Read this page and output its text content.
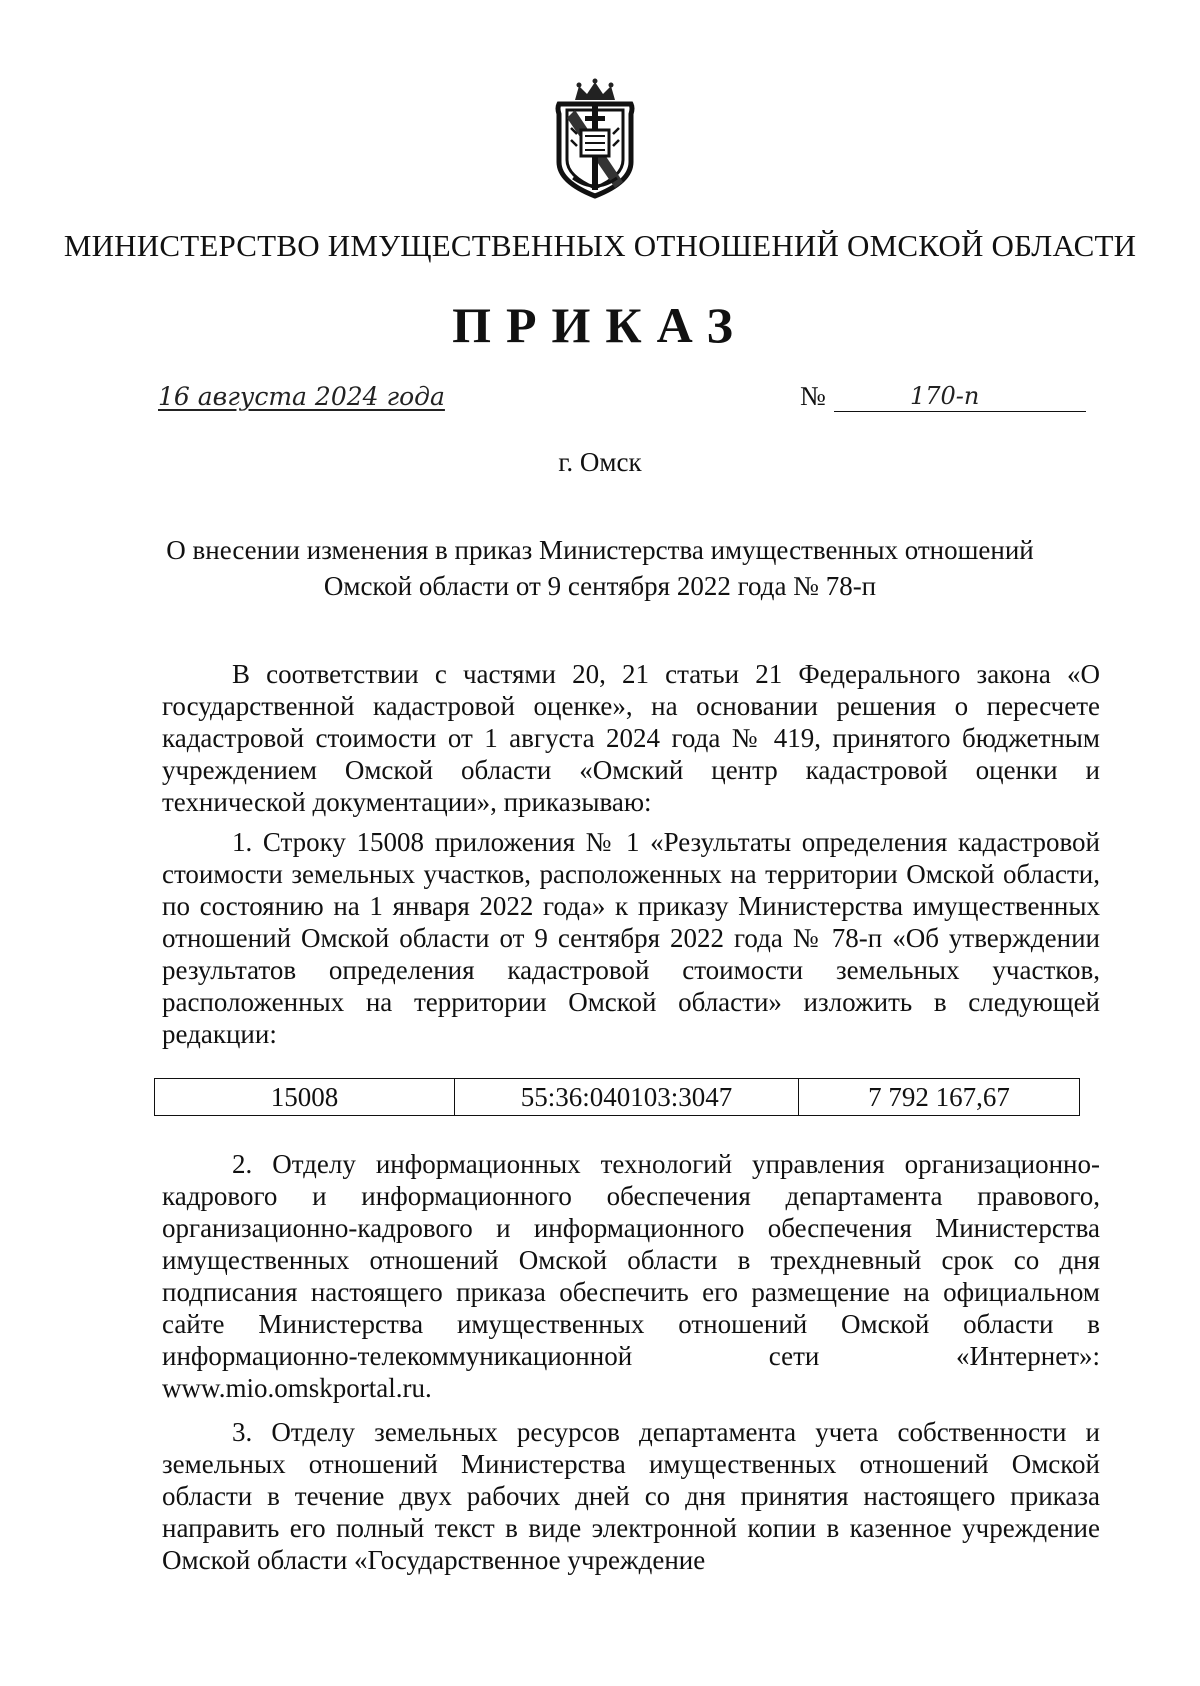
МИНИСТЕРСТВО ИМУЩЕСТВЕННЫХ ОТНОШЕНИЙ ОМСКОЙ ОБЛАСТИ
ПРИКАЗ
16 августа 2024 года	№	170-п
г. Омск
О внесении изменения в приказ Министерства имущественных отношений
Омской области от 9 сентября 2022 года № 78-п

В соответствии с частями 20, 21 статьи 21 Федерального закона «О государственной кадастровой оценке», на основании решения о пересчете кадастровой стоимости от 1 августа 2024 года № 419, принятого бюджетным учреждением Омской области «Омский центр кадастровой оценки и технической документации», приказываю:

1. Строку 15008 приложения № 1 «Результаты определения кадастровой стоимости земельных участков, расположенных на территории Омской области, по состоянию на 1 января 2022 года» к приказу Министерства имущественных отношений Омской области от 9 сентября 2022 года № 78-п «Об утверждении результатов определения кадастровой стоимости земельных участков, расположенных на территории Омской области» изложить в следующей редакции:

15008	55:36:040103:3047	7 792 167,67

2. Отделу информационных технологий управления организационно-кадрового и информационного обеспечения департамента правового, организационно-кадрового и информационного обеспечения Министерства имущественных отношений Омской области в трехдневный срок со дня подписания настоящего приказа обеспечить его размещение на официальном сайте Министерства имущественных отношений Омской области в информационно-телекоммуникационной сети «Интернет»: www.mio.omskportal.ru.

3. Отделу земельных ресурсов департамента учета собственности и земельных отношений Министерства имущественных отношений Омской области в течение двух рабочих дней со дня принятия настоящего приказа направить его полный текст в виде электронной копии в казенное учреждение Омской области «Государственное учреждение
